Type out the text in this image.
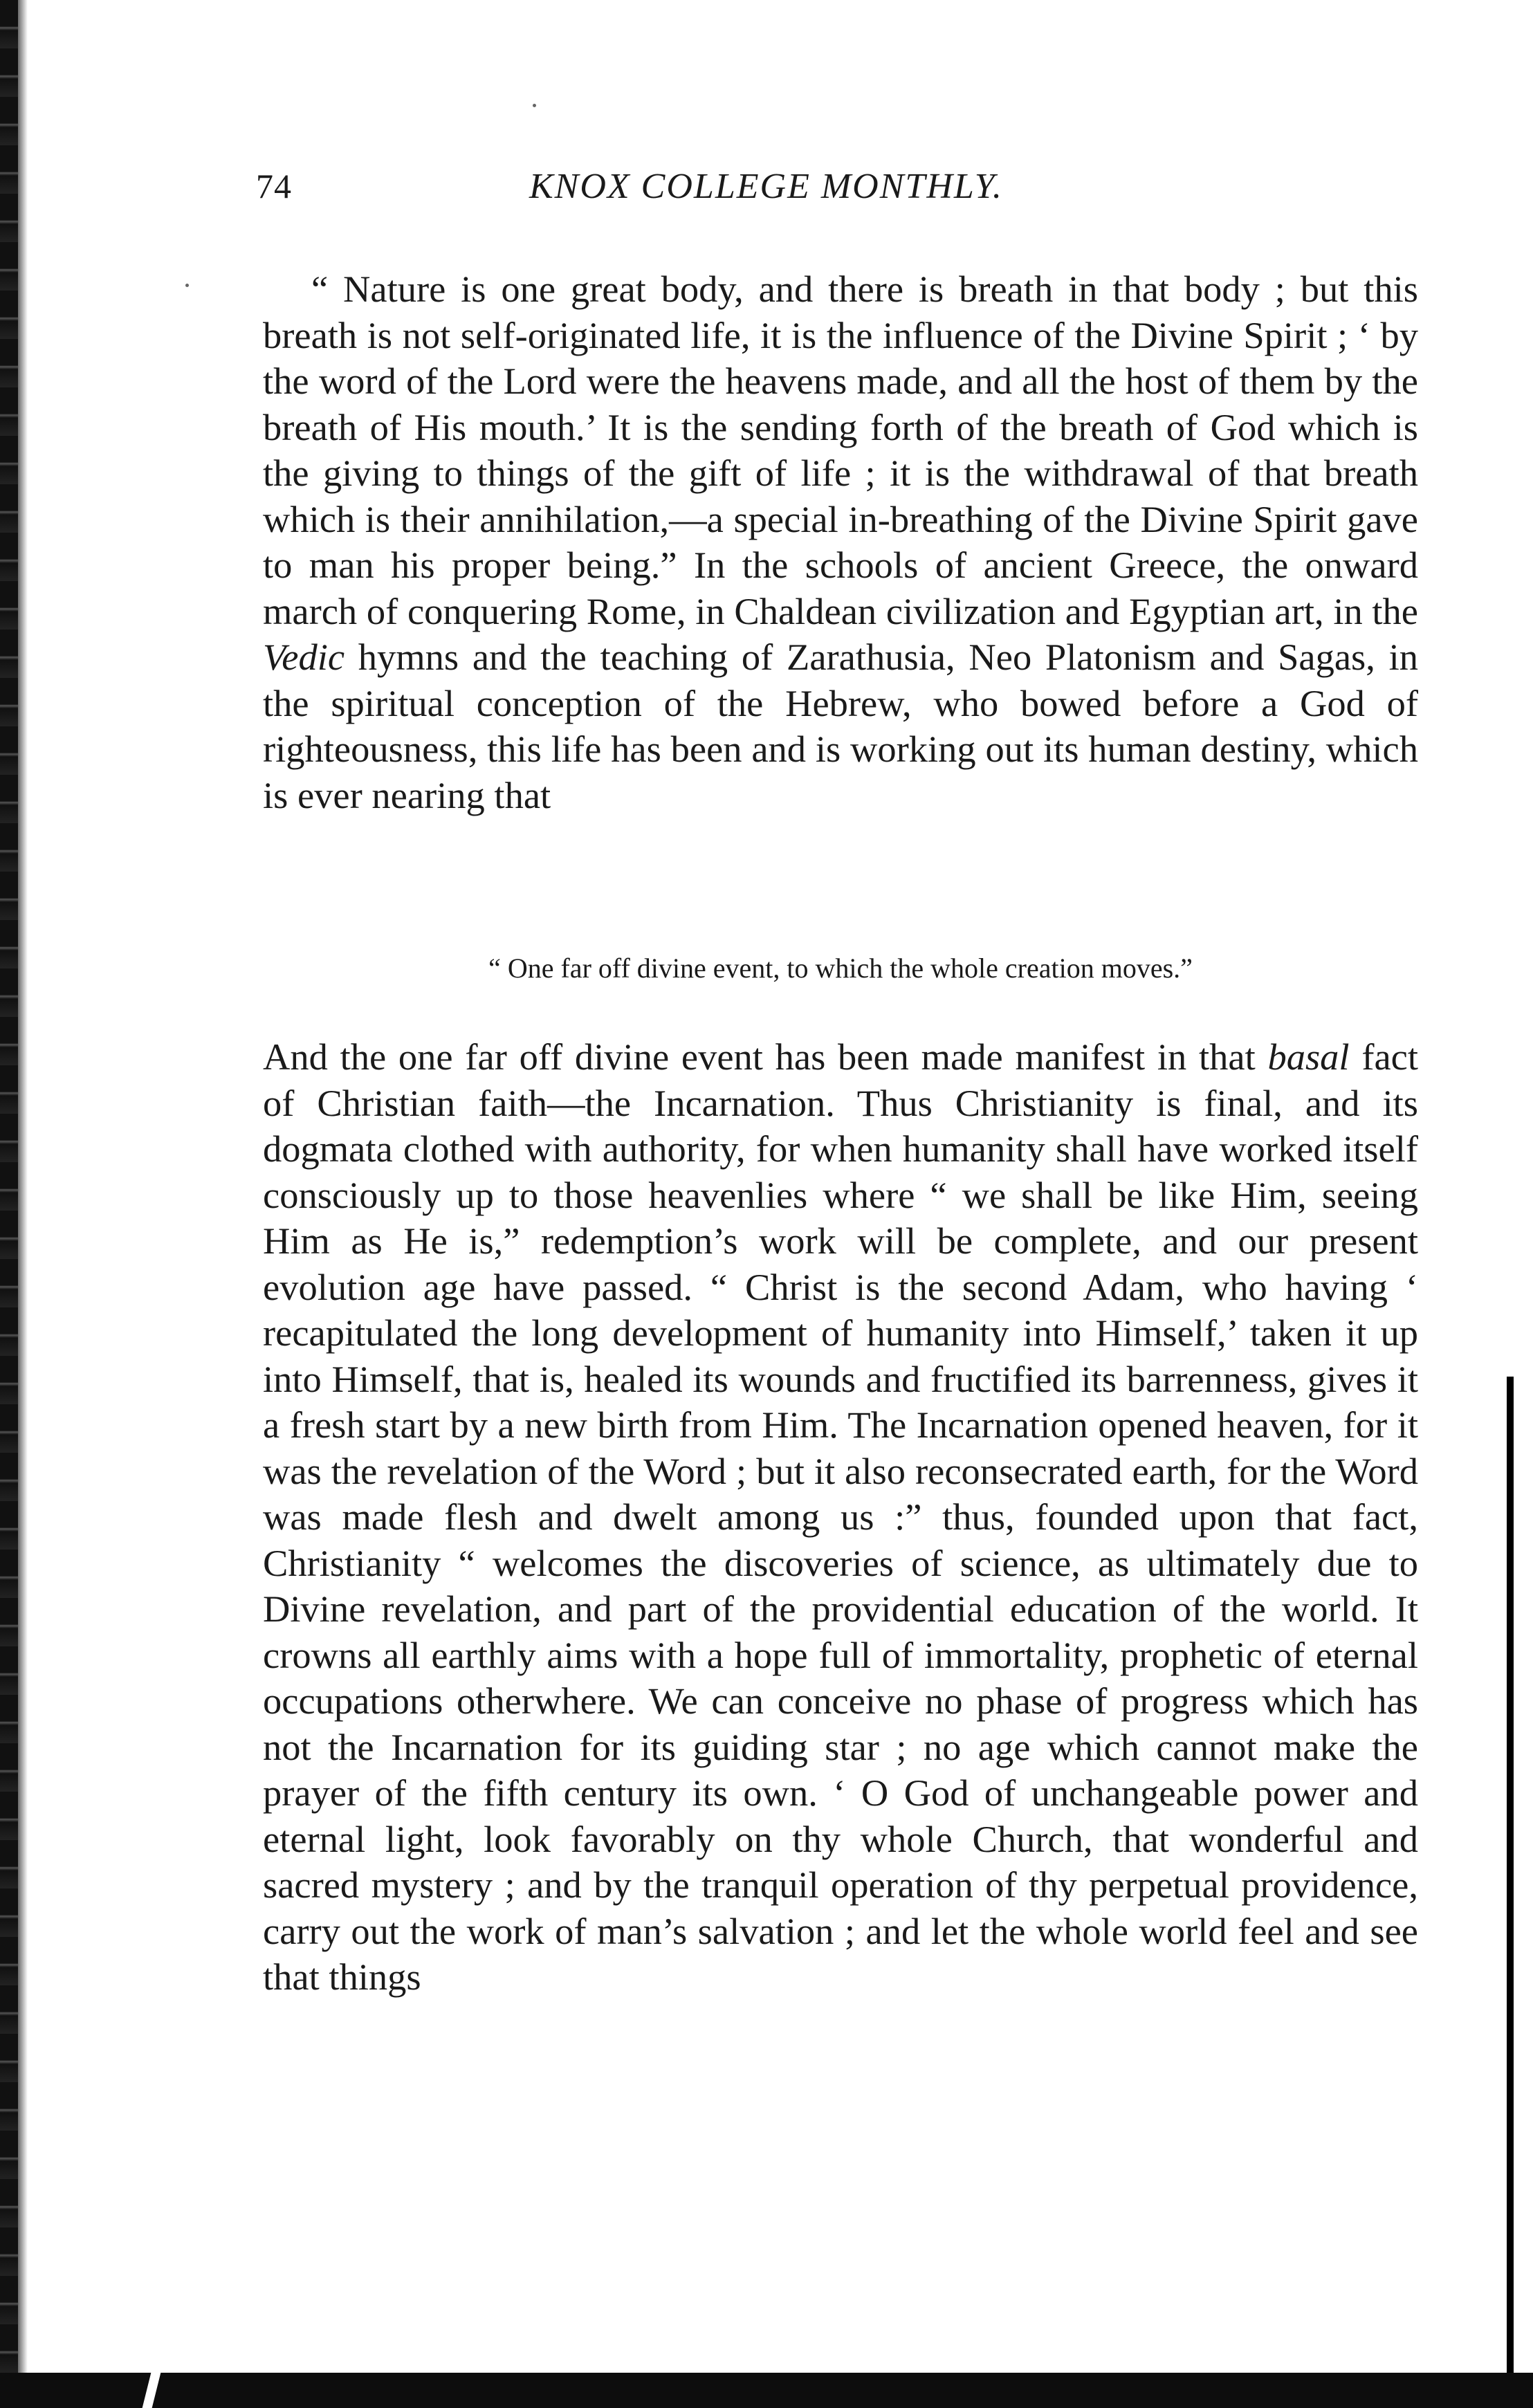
74	KNOX COLLEGE MONTHLY.
“ Nature is one great body, and there is breath in that body ; but this breath is not self-originated life, it is the influence of the Divine Spirit ; ‘ by the word of the Lord were the heavens made, and all the host of them by the breath of His mouth.’ It is the sending forth of the breath of God which is the giving to things of the gift of life ; it is the withdrawal of that breath which is their annihilation,—a special in-breathing of the Divine Spirit gave to man his proper being.” In the schools of ancient Greece, the onward march of conquering Rome, in Chaldean civilization and Egyptian art, in the Vedic hymns and the teaching of Zarathusia, Neo Platonism and Sagas, in the spiritual conception of the Hebrew, who bowed before a God of righteousness, this life has been and is working out its human destiny, which is ever nearing that
“ One far off divine event, to which the whole creation moves.”
And the one far off divine event has been made manifest in that basal fact of Christian faith—the Incarnation. Thus Christianity is final, and its dogmata clothed with authority, for when humanity shall have worked itself consciously up to those heavenlies where “ we shall be like Him, seeing Him as He is,” redemption’s work will be complete, and our present evolution age have passed. “ Christ is the second Adam, who having ‘ recapitulated the long development of humanity into Himself,’ taken it up into Himself, that is, healed its wounds and fructified its barrenness, gives it a fresh start by a new birth from Him. The Incarnation opened heaven, for it was the revelation of the Word ; but it also reconsecrated earth, for the Word was made flesh and dwelt among us :” thus, founded upon that fact, Christianity “ welcomes the discoveries of science, as ultimately due to Divine revelation, and part of the providential education of the world. It crowns all earthly aims with a hope full of immortality, prophetic of eternal occupations otherwhere. We can conceive no phase of progress which has not the Incarnation for its guiding star ; no age which cannot make the prayer of the fifth century its own. ‘ O God of unchangeable power and eternal light, look favorably on thy whole Church, that wonderful and sacred mystery ; and by the tranquil operation of thy perpetual providence, carry out the work of man’s salvation ; and let the whole world feel and see that things
